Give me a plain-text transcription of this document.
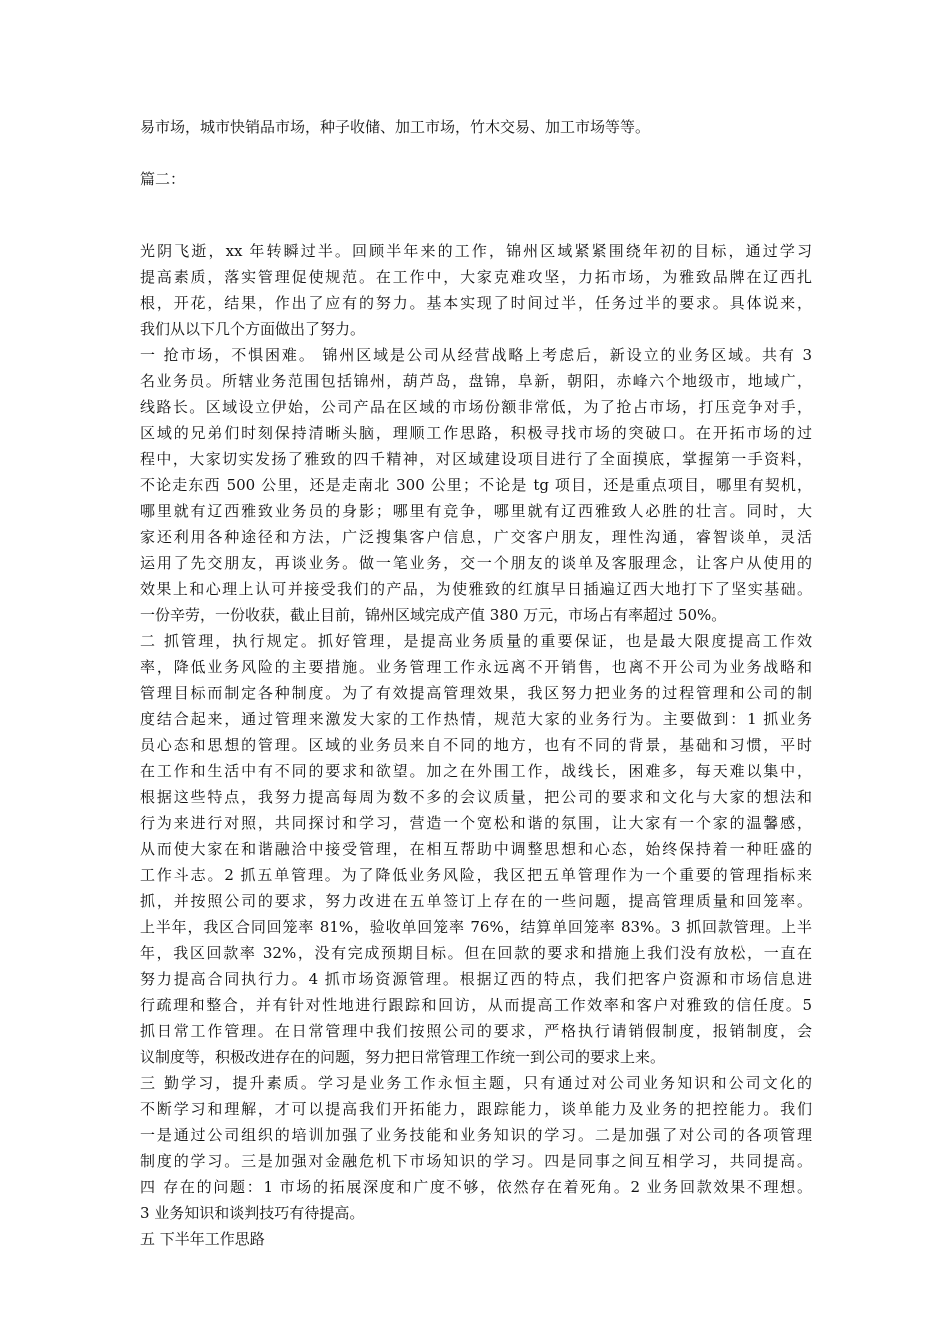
易市场，城市快销品市场，种子收储、加工市场，竹木交易、加工市场等等。
篇二：
光阴飞逝，xx 年转瞬过半。回顾半年来的工作，锦州区域紧紧围绕年初的目标，通过学习
提高素质，落实管理促使规范。在工作中，大家克难攻坚，力拓市场，为雅致品牌在辽西扎
根，开花，结果，作出了应有的努力。基本实现了时间过半，任务过半的要求。具体说来，
我们从以下几个方面做出了努力。
一 抢市场，不惧困难。 锦州区域是公司从经营战略上考虑后，新设立的业务区域。共有 3
名业务员。所辖业务范围包括锦州，葫芦岛，盘锦，阜新，朝阳，赤峰六个地级市，地域广，
线路长。区域设立伊始，公司产品在区域的市场份额非常低，为了抢占市场，打压竞争对手，
区域的兄弟们时刻保持清晰头脑，理顺工作思路，积极寻找市场的突破口。在开拓市场的过
程中，大家切实发扬了雅致的四千精神，对区域建设项目进行了全面摸底，掌握第一手资料，
不论走东西 500 公里，还是走南北 300 公里；不论是 tg 项目，还是重点项目，哪里有契机，
哪里就有辽西雅致业务员的身影；哪里有竞争，哪里就有辽西雅致人必胜的壮言。同时，大
家还利用各种途径和方法，广泛搜集客户信息，广交客户朋友，理性沟通，睿智谈单，灵活
运用了先交朋友，再谈业务。做一笔业务，交一个朋友的谈单及客服理念，让客户从使用的
效果上和心理上认可并接受我们的产品，为使雅致的红旗早日插遍辽西大地打下了坚实基础。
一份辛劳，一份收获，截止目前，锦州区域完成产值 380 万元，市场占有率超过 50%。
二 抓管理，执行规定。抓好管理，是提高业务质量的重要保证，也是最大限度提高工作效
率，降低业务风险的主要措施。业务管理工作永远离不开销售，也离不开公司为业务战略和
管理目标而制定各种制度。为了有效提高管理效果，我区努力把业务的过程管理和公司的制
度结合起来，通过管理来激发大家的工作热情，规范大家的业务行为。主要做到：1 抓业务
员心态和思想的管理。区域的业务员来自不同的地方，也有不同的背景，基础和习惯，平时
在工作和生活中有不同的要求和欲望。加之在外围工作，战线长，困难多，每天难以集中，
根据这些特点，我努力提高每周为数不多的会议质量，把公司的要求和文化与大家的想法和
行为来进行对照，共同探讨和学习，营造一个宽松和谐的氛围，让大家有一个家的温馨感，
从而使大家在和谐融洽中接受管理，在相互帮助中调整思想和心态，始终保持着一种旺盛的
工作斗志。2 抓五单管理。为了降低业务风险，我区把五单管理作为一个重要的管理指标来
抓，并按照公司的要求，努力改进在五单签订上存在的一些问题，提高管理质量和回笼率。
上半年，我区合同回笼率 81%，验收单回笼率 76%，结算单回笼率 83%。3 抓回款管理。上半
年，我区回款率 32%，没有完成预期目标。但在回款的要求和措施上我们没有放松，一直在
努力提高合同执行力。4 抓市场资源管理。根据辽西的特点，我们把客户资源和市场信息进
行疏理和整合，并有针对性地进行跟踪和回访，从而提高工作效率和客户对雅致的信任度。5
抓日常工作管理。在日常管理中我们按照公司的要求，严格执行请销假制度，报销制度，会
议制度等，积极改进存在的问题，努力把日常管理工作统一到公司的要求上来。
三 勤学习，提升素质。学习是业务工作永恒主题，只有通过对公司业务知识和公司文化的
不断学习和理解，才可以提高我们开拓能力，跟踪能力，谈单能力及业务的把控能力。我们
一是通过公司组织的培训加强了业务技能和业务知识的学习。二是加强了对公司的各项管理
制度的学习。三是加强对金融危机下市场知识的学习。四是同事之间互相学习，共同提高。
四 存在的问题：1 市场的拓展深度和广度不够，依然存在着死角。2 业务回款效果不理想。
3 业务知识和谈判技巧有待提高。
五 下半年工作思路
